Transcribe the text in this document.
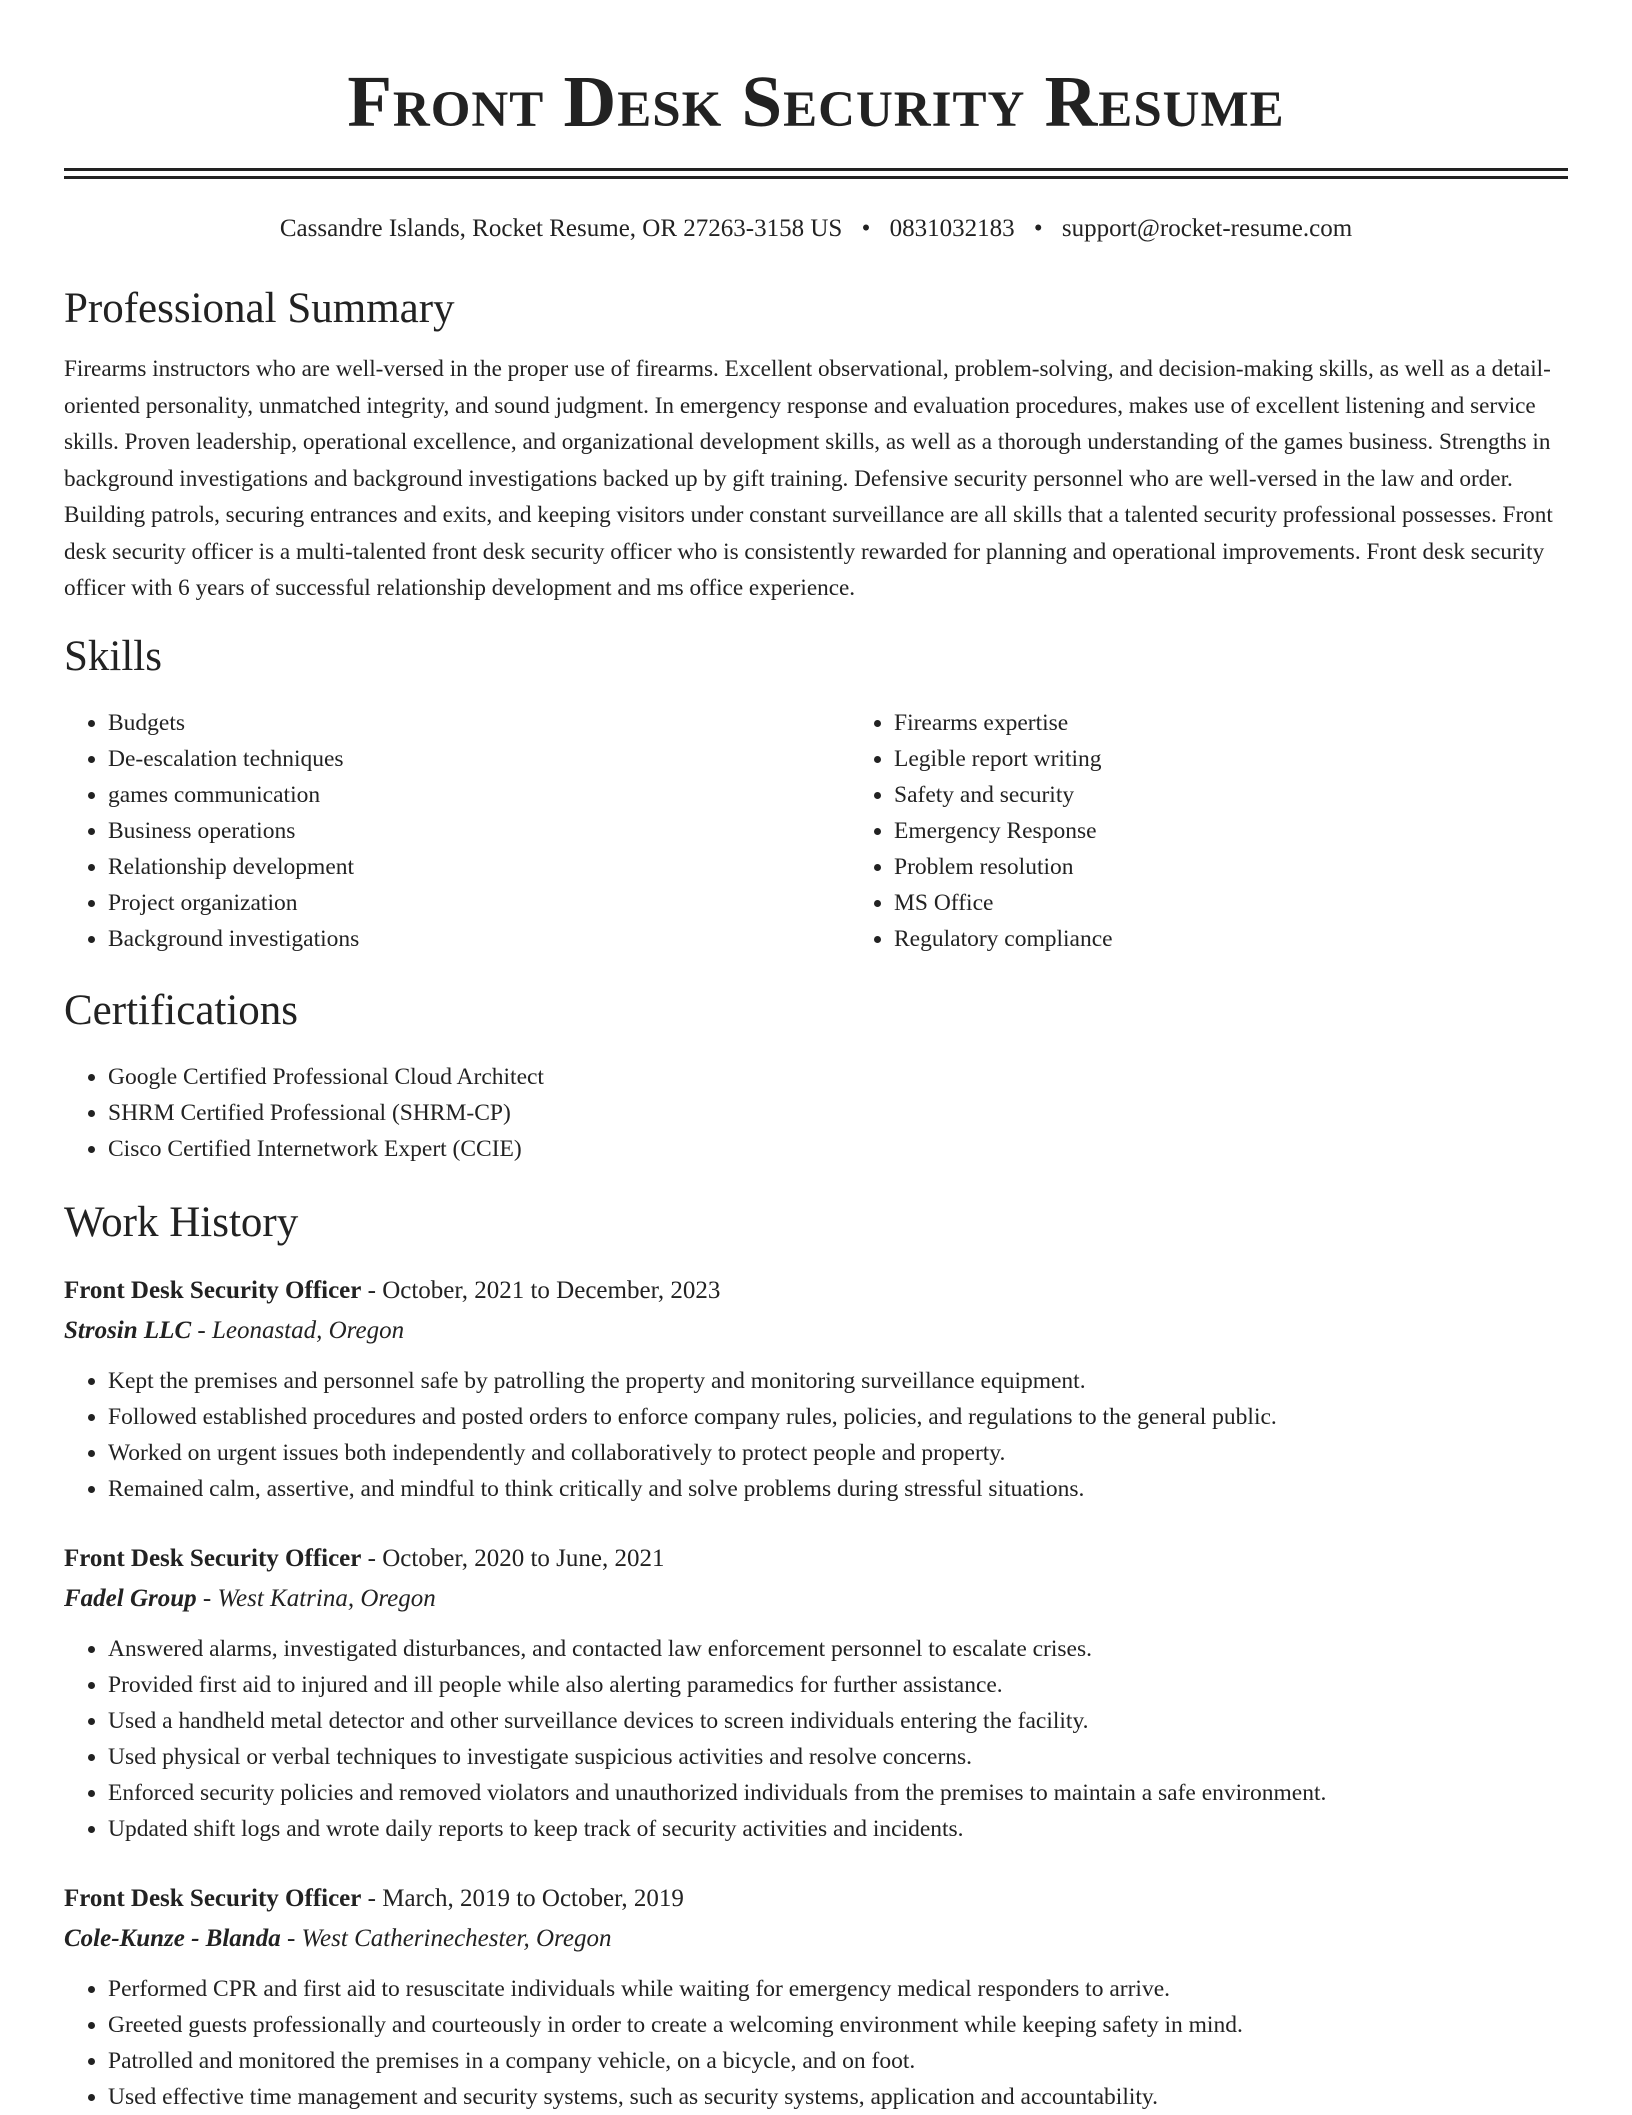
Front Desk Security Resume
Cassandre Islands, Rocket Resume, OR 27263-3158 US • 0831032183 • support@rocket-resume.com
Professional Summary
Firearms instructors who are well-versed in the proper use of firearms. Excellent observational, problem-solving, and decision-making skills, as well as a detail-oriented personality, unmatched integrity, and sound judgment. In emergency response and evaluation procedures, makes use of excellent listening and service skills. Proven leadership, operational excellence, and organizational development skills, as well as a thorough understanding of the games business. Strengths in background investigations and background investigations backed up by gift training. Defensive security personnel who are well-versed in the law and order. Building patrols, securing entrances and exits, and keeping visitors under constant surveillance are all skills that a talented security professional possesses. Front desk security officer is a multi-talented front desk security officer who is consistently rewarded for planning and operational improvements. Front desk security officer with 6 years of successful relationship development and ms office experience.
Skills
• Budgets
• De-escalation techniques
• games communication
• Business operations
• Relationship development
• Project organization
• Background investigations
• Firearms expertise
• Legible report writing
• Safety and security
• Emergency Response
• Problem resolution
• MS Office
• Regulatory compliance
Certifications
• Google Certified Professional Cloud Architect
• SHRM Certified Professional (SHRM-CP)
• Cisco Certified Internetwork Expert (CCIE)
Work History
Front Desk Security Officer - October, 2021 to December, 2023
Strosin LLC - Leonastad, Oregon
• Kept the premises and personnel safe by patrolling the property and monitoring surveillance equipment.
• Followed established procedures and posted orders to enforce company rules, policies, and regulations to the general public.
• Worked on urgent issues both independently and collaboratively to protect people and property.
• Remained calm, assertive, and mindful to think critically and solve problems during stressful situations.
Front Desk Security Officer - October, 2020 to June, 2021
Fadel Group - West Katrina, Oregon
• Answered alarms, investigated disturbances, and contacted law enforcement personnel to escalate crises.
• Provided first aid to injured and ill people while also alerting paramedics for further assistance.
• Used a handheld metal detector and other surveillance devices to screen individuals entering the facility.
• Used physical or verbal techniques to investigate suspicious activities and resolve concerns.
• Enforced security policies and removed violators and unauthorized individuals from the premises to maintain a safe environment.
• Updated shift logs and wrote daily reports to keep track of security activities and incidents.
Front Desk Security Officer - March, 2019 to October, 2019
Cole-Kunze - Blanda - West Catherinechester, Oregon
• Performed CPR and first aid to resuscitate individuals while waiting for emergency medical responders to arrive.
• Greeted guests professionally and courteously in order to create a welcoming environment while keeping safety in mind.
• Patrolled and monitored the premises in a company vehicle, on a bicycle, and on foot.
• Used effective time management and security systems, such as security systems, application and accountability.
